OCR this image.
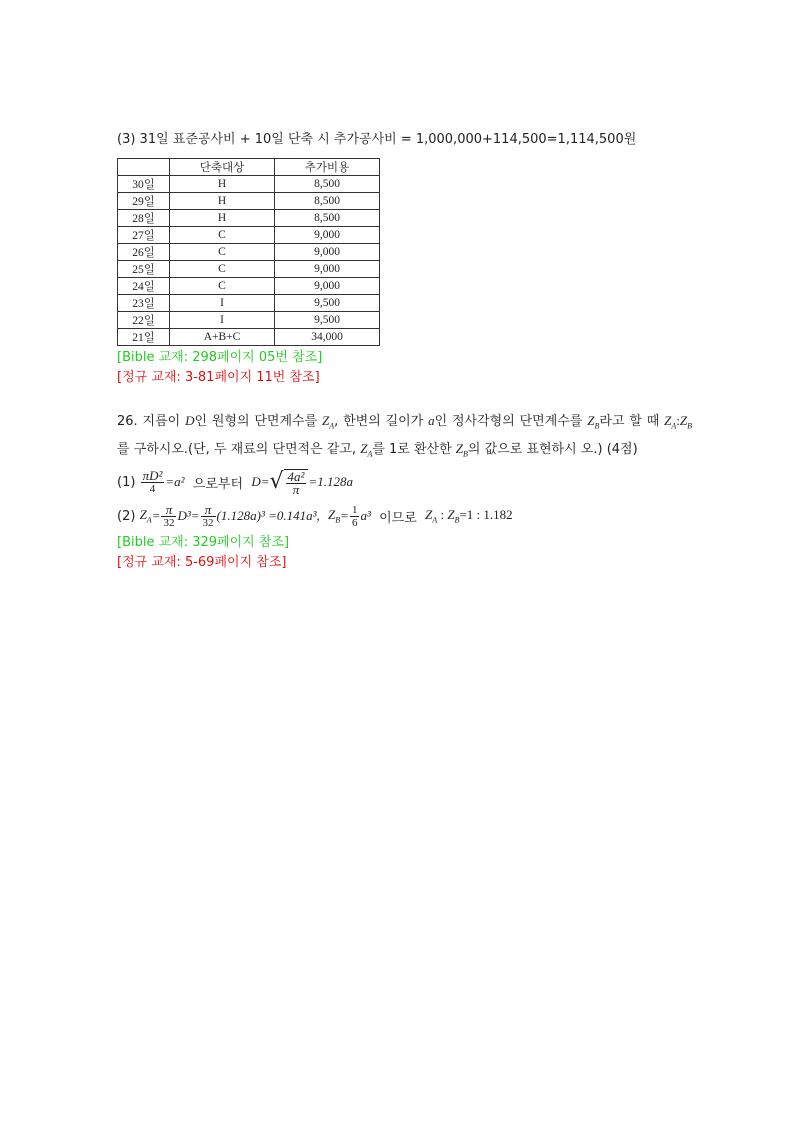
(3) 31일 표준공사비 + 10일 단축 시 추가공사비 = 1,000,000+114,500=1,114,500원
	단축대상	추가비용
30일	H	8,500
29일	H	8,500
28일	H	8,500
27일	C	9,000
26일	C	9,000
25일	C	9,000
24일	C	9,000
23일	I	9,500
22일	I	9,500
21일	A+B+C	34,000
[Bible 교재: 298페이지 05번 참조]
[정규 교재: 3-81페이지 11번 참조]
26. 지름이 D인 원형의 단면계수를 $Z_A$, 한변의 길이가 a인 정사각형의 단면계수를 $Z_B$라고 할 때 $Z_A:Z_B$를 구하시오.(단, 두 재료의 단면적은 같고, $Z_A$를 1로 환산한 $Z_B$의 값으로 표현하시 오.) (4점)
(1)
$\frac{\text{πD²}}{4} =a^2$
으로부터
D= √ $\frac{\text{4a²}}{\pi} =1.128a$
(2)
$Z_A = \frac{\pi}{32} D^3= \frac{\pi}{32} (1.128a)^3 =0.141a^3$,
$Z_B = \frac{1}{6} a^3$
이므로
$Z_A$ : $Z_B=1$ : 1.182
[Bible 교재: 329페이지 참조]
[정규 교재: 5-69페이지 참조]
